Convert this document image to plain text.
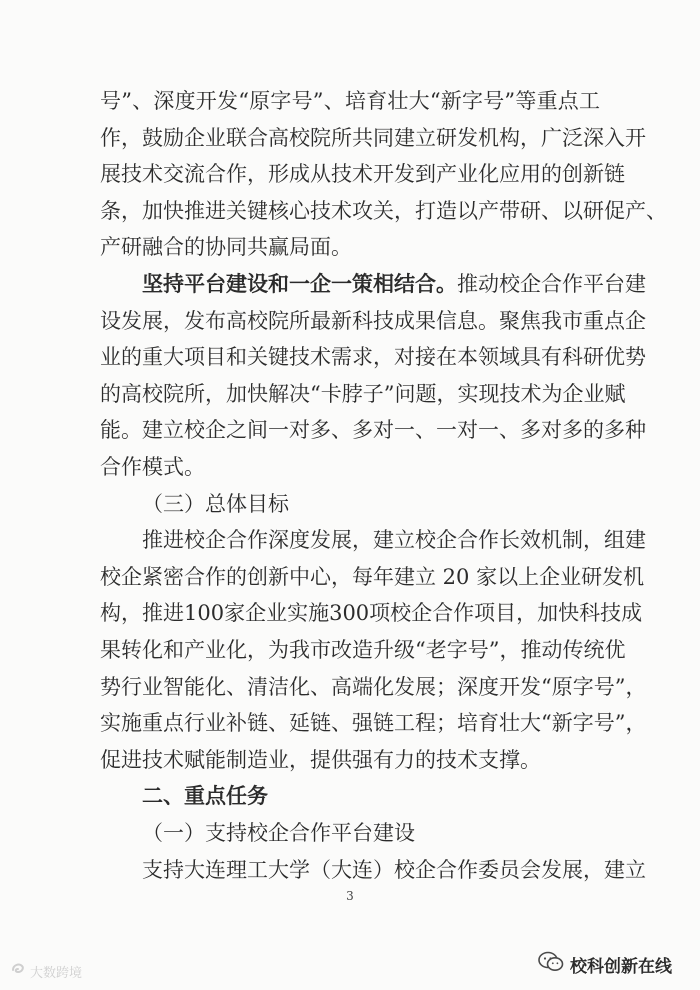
号”、深度开发“原字号”、培育壮大“新字号”等重点工
作，鼓励企业联合高校院所共同建立研发机构，广泛深入开
展技术交流合作，形成从技术开发到产业化应用的创新链
条，加快推进关键核心技术攻关，打造以产带研、以研促产、
产研融合的协同共赢局面。
坚持平台建设和一企一策相结合。推动校企合作平台建
设发展，发布高校院所最新科技成果信息。聚焦我市重点企
业的重大项目和关键技术需求，对接在本领域具有科研优势
的高校院所，加快解决“卡脖子”问题，实现技术为企业赋
能。建立校企之间一对多、多对一、一对一、多对多的多种
合作模式。
（三）总体目标
推进校企合作深度发展，建立校企合作长效机制，组建
校企紧密合作的创新中心，每年建立 20 家以上企业研发机
构，推进100家企业实施300项校企合作项目，加快科技成
果转化和产业化，为我市改造升级“老字号”，推动传统优
势行业智能化、清洁化、高端化发展；深度开发“原字号”，
实施重点行业补链、延链、强链工程；培育壮大“新字号”，
促进技术赋能制造业，提供强有力的技术支撑。
二、重点任务
（一）支持校企合作平台建设
支持大连理工大学（大连）校企合作委员会发展，建立
3
大数跨境	校科创新在线
